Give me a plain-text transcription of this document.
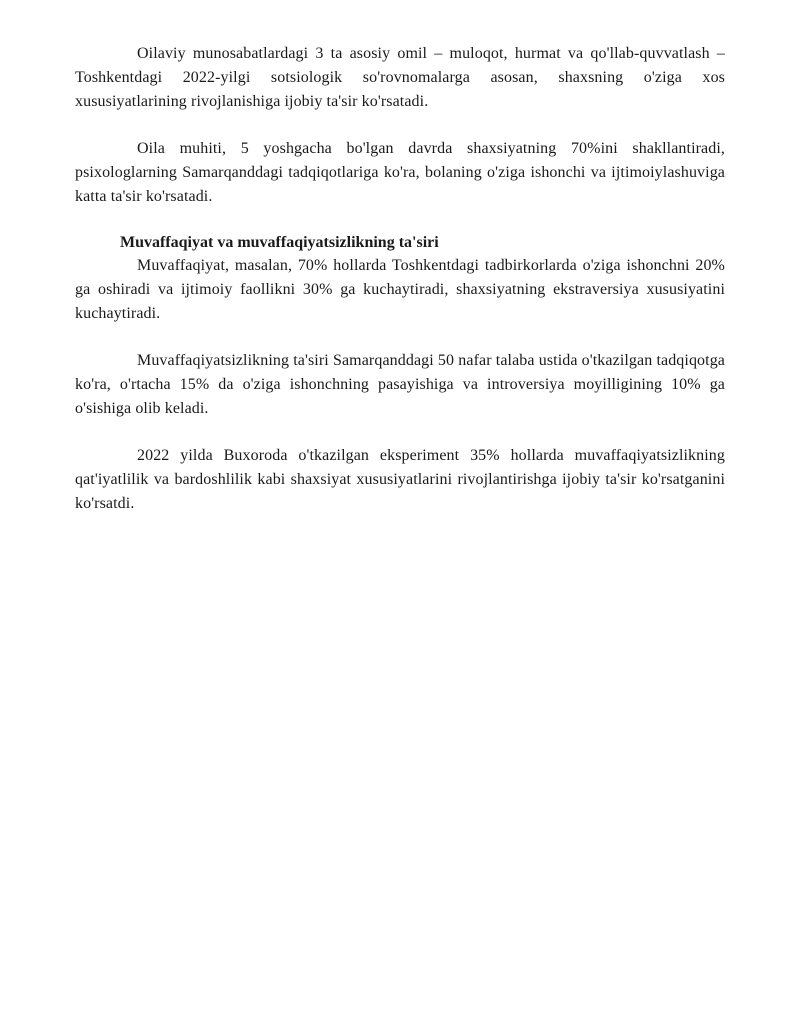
Oilaviy munosabatlardagi 3 ta asosiy omil – muloqot, hurmat va qo'llab-quvvatlash – Toshkentdagi 2022-yilgi sotsiologik so'rovnomalarga asosan, shaxsning o'ziga xos xususiyatlarining rivojlanishiga ijobiy ta'sir ko'rsatadi.

Oila muhiti, 5 yoshgacha bo'lgan davrda shaxsiyatning 70%ini shakllantiradi, psixologlarning Samarqanddagi tadqiqotlariga ko'ra, bolaning o'ziga ishonchi va ijtimoiylashuviga katta ta'sir ko'rsatadi.

Muvaffaqiyat va muvaffaqiyatsizlikning ta'siri

Muvaffaqiyat, masalan, 70% hollarda Toshkentdagi tadbirkorlarda o'ziga ishonchni 20% ga oshiradi va ijtimoiy faollikni 30% ga kuchaytiradi, shaxsiyatning ekstraversiya xususiyatini kuchaytiradi.

Muvaffaqiyatsizlikning ta'siri Samarqanddagi 50 nafar talaba ustida o'tkazilgan tadqiqotga ko'ra, o'rtacha 15% da o'ziga ishonchning pasayishiga va introversiya moyilligining 10% ga o'sishiga olib keladi.

2022 yilda Buxoroda o'tkazilgan eksperiment 35% hollarda muvaffaqiyatsizlikning qat'iyatlilik va bardoshlilik kabi shaxsiyat xususiyatlarini rivojlantirishga ijobiy ta'sir ko'rsatganini ko'rsatdi.
